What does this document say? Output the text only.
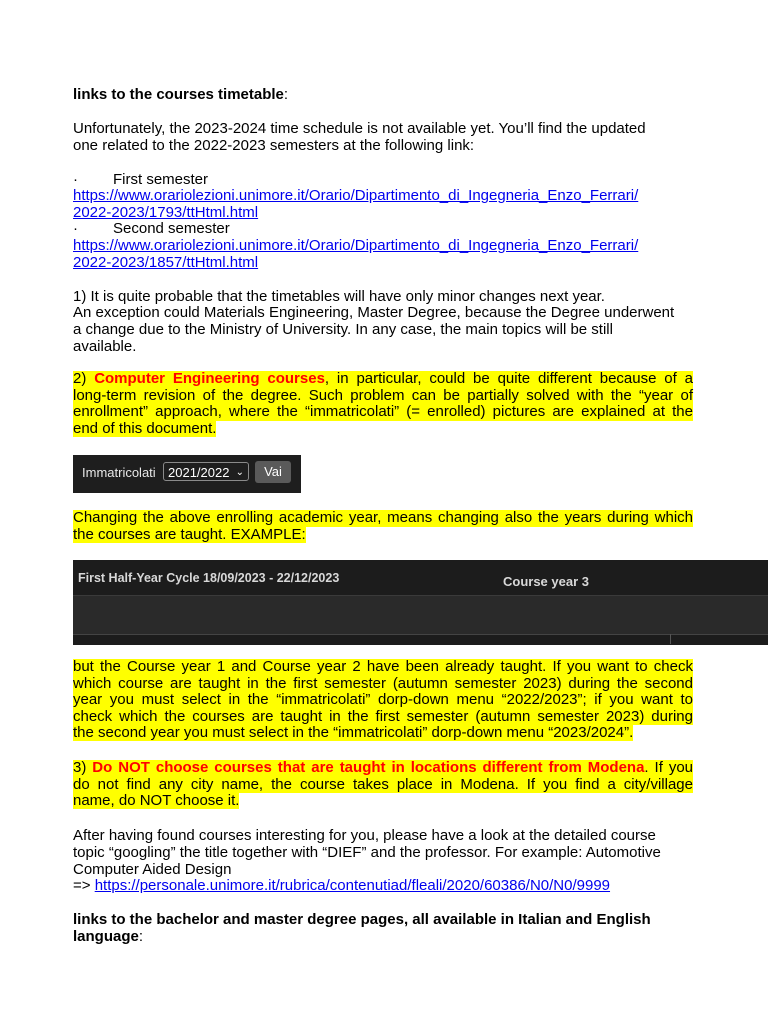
links to the courses timetable:
Unfortunately, the 2023-2024 time schedule is not available yet. You’ll find the updated
one related to the 2022-2023 semesters at the following link:
· First semester
https://www.orariolezioni.unimore.it/Orario/Dipartimento_di_Ingegneria_Enzo_Ferrari/
2022-2023/1793/ttHtml.html
· Second semester
https://www.orariolezioni.unimore.it/Orario/Dipartimento_di_Ingegneria_Enzo_Ferrari/
2022-2023/1857/ttHtml.html
1) It is quite probable that the timetables will have only minor changes next year.
An exception could Materials Engineering, Master Degree, because the Degree underwent
a change due to the Ministry of University. In any case, the main topics will be still
available.
2) Computer Engineering courses, in particular, could be quite different because of a
long-term revision of the degree. Such problem can be partially solved with the “year of
enrollment” approach, where the “immatricolati” (= enrolled) pictures are explained at the
end of this document.
Immatricolati 2021/2022 ⌄	Vai
Changing the above enrolling academic year, means changing also the years during which
the courses are taught. EXAMPLE:
Course year 3
First Half-Year Cycle 18/09/2023 - 22/12/2023
but the Course year 1 and Course year 2 have been already taught. If you want to check
which course are taught in the first semester (autumn semester 2023) during the second
year you must select in the “immatricolati” dorp-down menu “2022/2023”; if you want to
check which the courses are taught in the first semester (autumn semester 2023) during
the second year you must select in the “immatricolati” dorp-down menu “2023/2024”.
3) Do NOT choose courses that are taught in locations different from Modena. If you
do not find any city name, the course takes place in Modena. If you find a city/village
name, do NOT choose it.
After having found courses interesting for you, please have a look at the detailed course
topic “googling” the title together with “DIEF” and the professor. For example: Automotive
Computer Aided Design
=> https://personale.unimore.it/rubrica/contenutiad/fleali/2020/60386/N0/N0/9999
links to the bachelor and master degree pages, all available in Italian and English
language:
